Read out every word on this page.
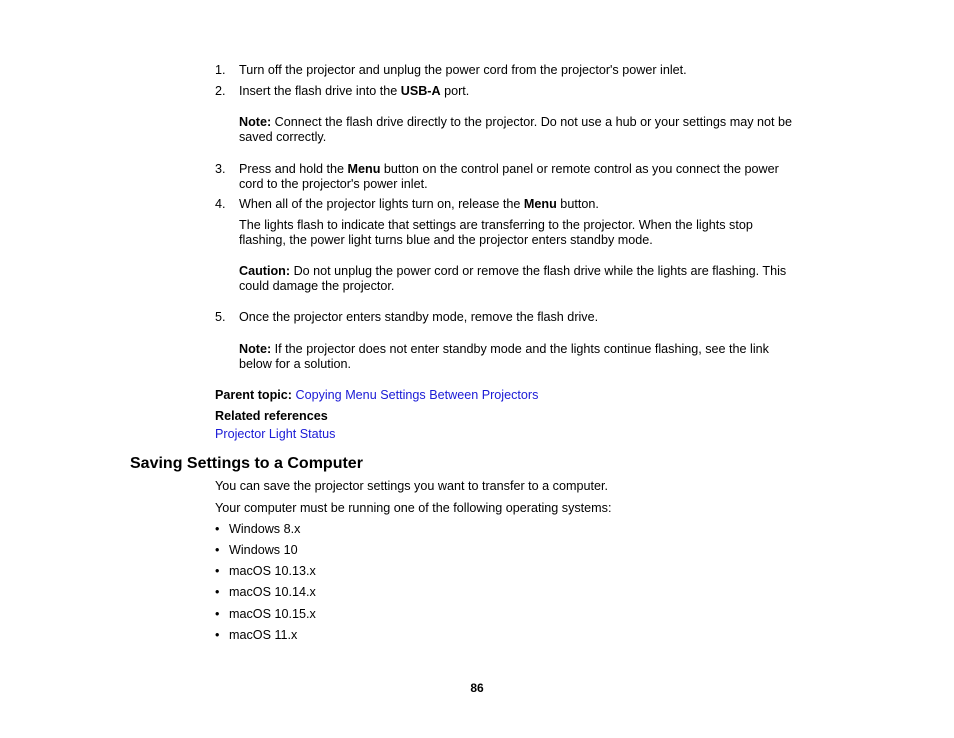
1.	Turn off the projector and unplug the power cord from the projector's power inlet.
2.	Insert the flash drive into the USB-A port.
Note: Connect the flash drive directly to the projector. Do not use a hub or your settings may not be
saved correctly.
3.	Press and hold the Menu button on the control panel or remote control as you connect the power
cord to the projector's power inlet.
4.	When all of the projector lights turn on, release the Menu button.
The lights flash to indicate that settings are transferring to the projector. When the lights stop
flashing, the power light turns blue and the projector enters standby mode.
Caution: Do not unplug the power cord or remove the flash drive while the lights are flashing. This
could damage the projector.
5.	Once the projector enters standby mode, remove the flash drive.
Note: If the projector does not enter standby mode and the lights continue flashing, see the link
below for a solution.
Parent topic: Copying Menu Settings Between Projectors
Related references
Projector Light Status
Saving Settings to a Computer
You can save the projector settings you want to transfer to a computer.
Your computer must be running one of the following operating systems:
• Windows 8.x
• Windows 10
• macOS 10.13.x
• macOS 10.14.x
• macOS 10.15.x
• macOS 11.x
86
